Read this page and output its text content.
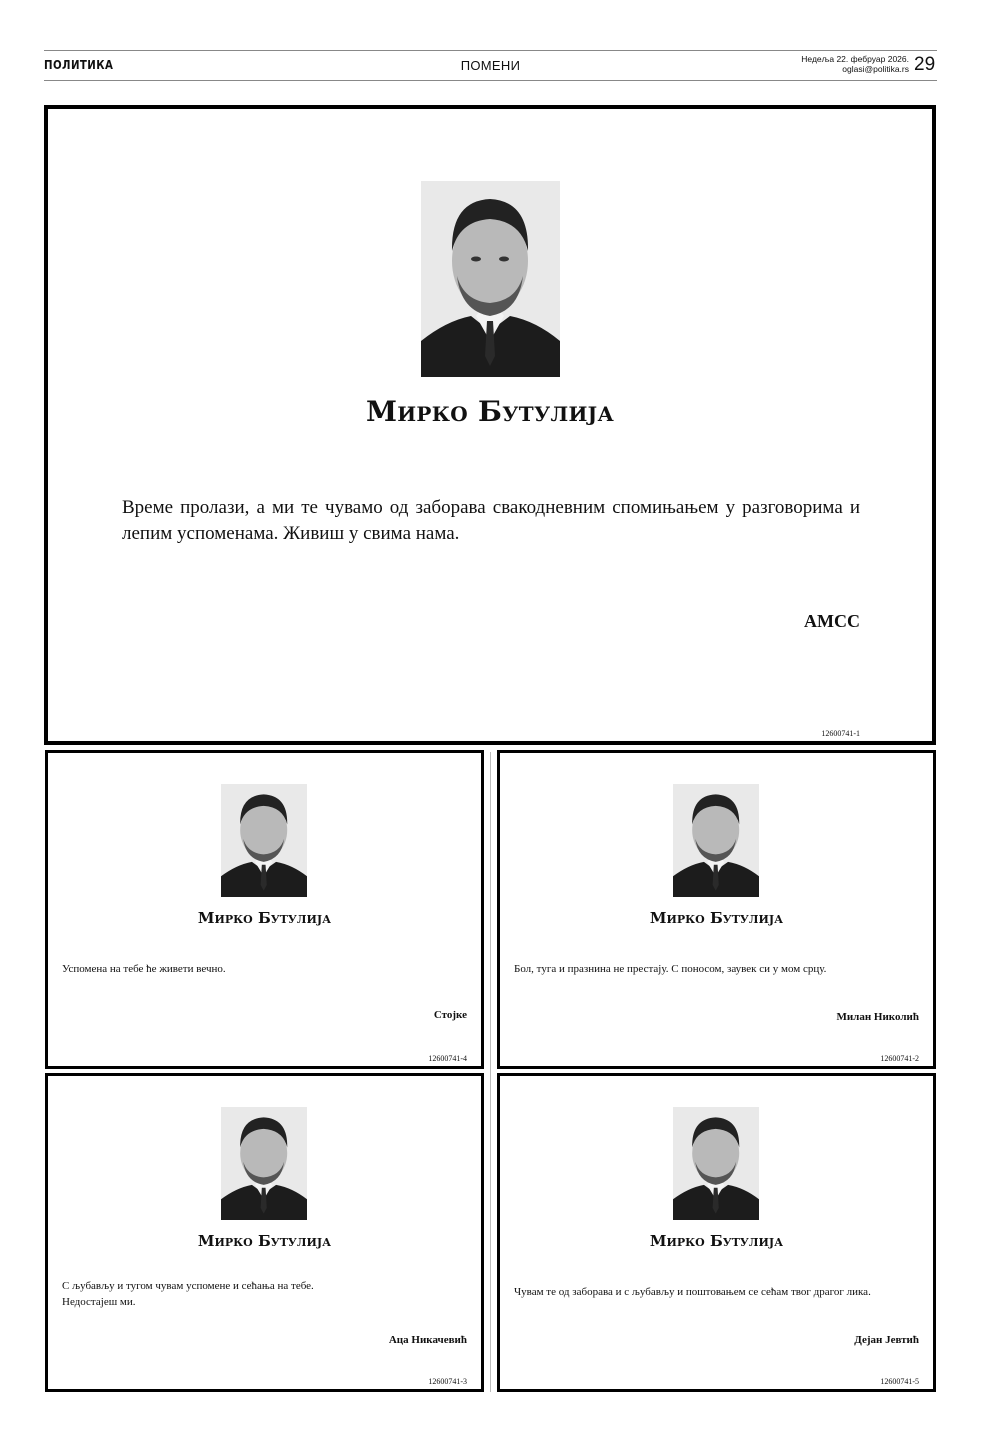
ПОЛИТИКА	ПОМЕНИ	Недеља 22. фебруар 2026.
oglasi@politika.rs 29
Мирко Бутулија
Време пролази, а ми те чувамо од заборава свакодневним спомињањем у разговорима и лепим успоменама. Живиш у свима нама.
АМСС
12600741-1
Мирко Бутулија
Успомена на тебе ће живети вечно.
Стојке
12600741-4
Мирко Бутулија
Бол, туга и празнина не престају. С поносом, заувек си у мом срцу.
Милан Николић
12600741-2
Мирко Бутулија
С љубављу и тугом чувам успомене и сећања на тебе.
Недостајеш ми.
Аца Никачевић
12600741-3
Мирко Бутулија
Чувам те од заборава и с љубављу и поштовањем се сећам твог драгог лика.
Дејан Јевтић
12600741-5
